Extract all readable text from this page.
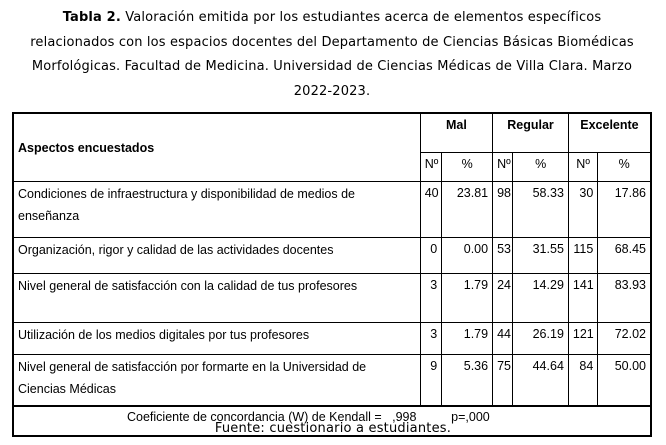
Tabla 2. Valoración emitida por los estudiantes acerca de elementos específicos
relacionados con los espacios docentes del Departamento de Ciencias Básicas Biomédicas
Morfológicas. Facultad de Medicina. Universidad de Ciencias Médicas de Villa Clara. Marzo
2022-2023.
Aspectos encuestados	Mal		Regular		Excelente	
	Nº	%	Nº	%	Nº	%
Condiciones de infraestructura y disponibilidad de medios de enseñanza	40	23.81	98	58.33	30	17.86
Organización, rigor y calidad de las actividades docentes	0	0.00	53	31.55	115	68.45
Nivel general de satisfacción con la calidad de tus profesores	3	1.79	24	14.29	141	83.93
Utilización de los medios digitales por tus profesores	3	1.79	44	26.19	121	72.02
Nivel general de satisfacción por formarte en la Universidad de Ciencias Médicas	9	5.36	75	44.64	84	50.00
Coeficiente de concordancia (W) de Kendall = ,998 p=,000						
Fuente: cuestionario a estudiantes.
